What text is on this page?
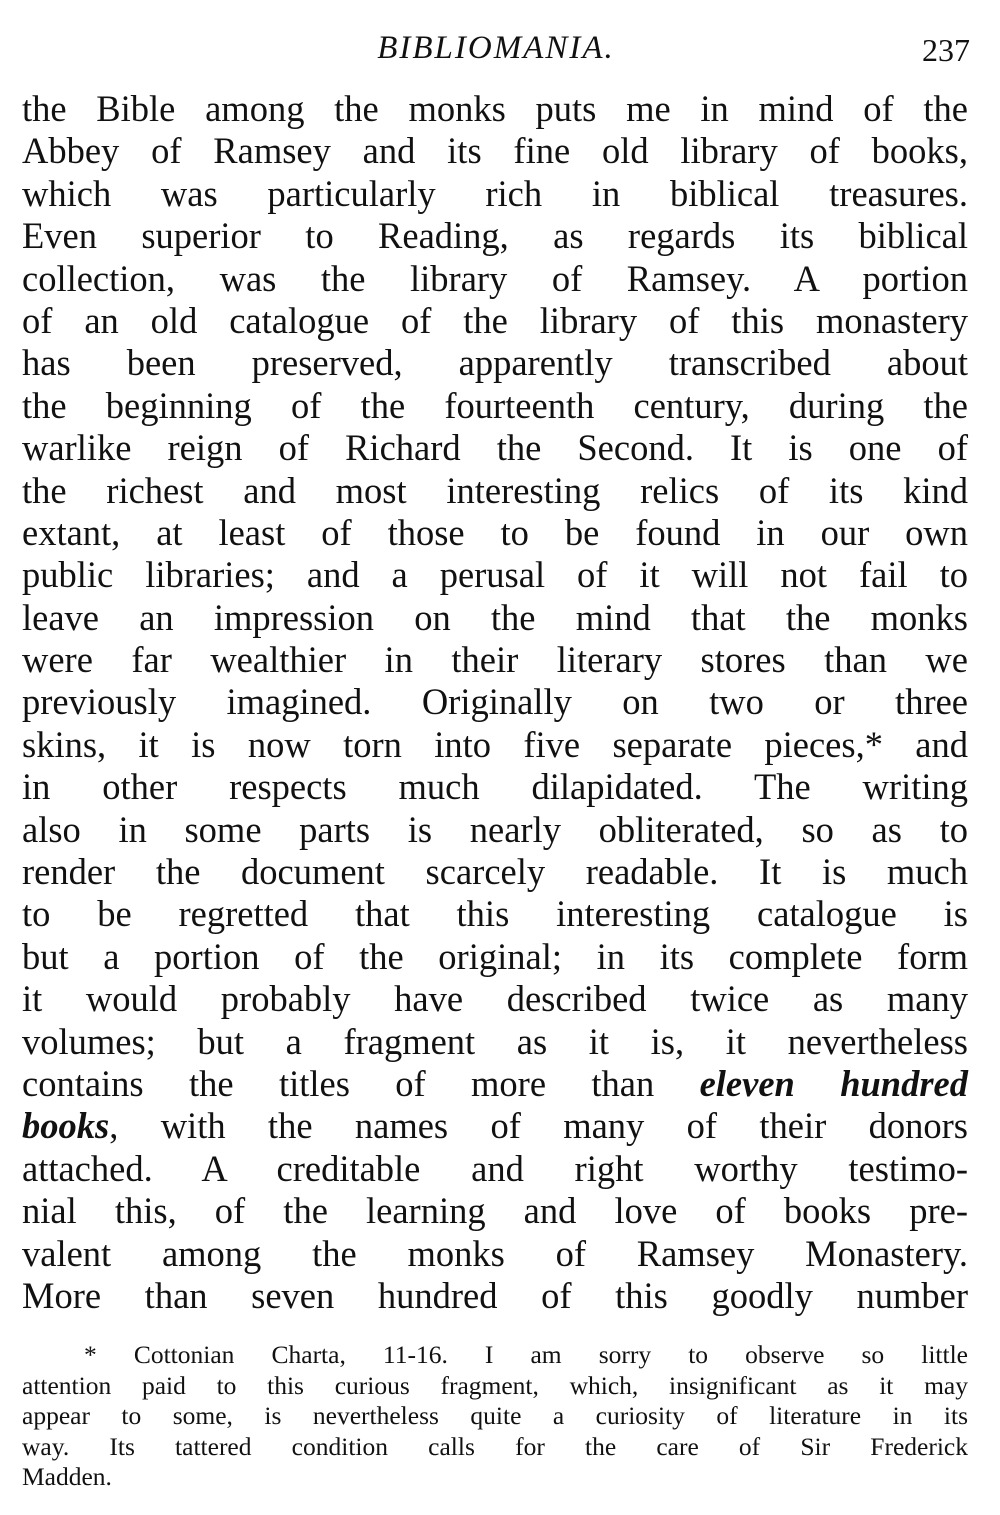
BIBLIOMANIA.	237
the Bible among the monks puts me in mind of the
Abbey of Ramsey and its fine old library of books,
which was particularly rich in biblical treasures.
Even superior to Reading, as regards its biblical
collection, was the library of Ramsey. A portion
of an old catalogue of the library of this monastery
has been preserved, apparently transcribed about
the beginning of the fourteenth century, during the
warlike reign of Richard the Second. It is one of
the richest and most interesting relics of its kind
extant, at least of those to be found in our own
public libraries; and a perusal of it will not fail to
leave an impression on the mind that the monks
were far wealthier in their literary stores than we
previously imagined. Originally on two or three
skins, it is now torn into five separate pieces,* and
in other respects much dilapidated. The writing
also in some parts is nearly obliterated, so as to
render the document scarcely readable. It is much
to be regretted that this interesting catalogue is
but a portion of the original; in its complete form
it would probably have described twice as many
volumes; but a fragment as it is, it nevertheless
contains the titles of more than eleven hundred
books, with the names of many of their donors
attached. A creditable and right worthy testimo-
nial this, of the learning and love of books pre-
valent among the monks of Ramsey Monastery.
More than seven hundred of this goodly number
* Cottonian Charta, 11-16. I am sorry to observe so little
attention paid to this curious fragment, which, insignificant as it may
appear to some, is nevertheless quite a curiosity of literature in its
way. Its tattered condition calls for the care of Sir Frederick
Madden.
